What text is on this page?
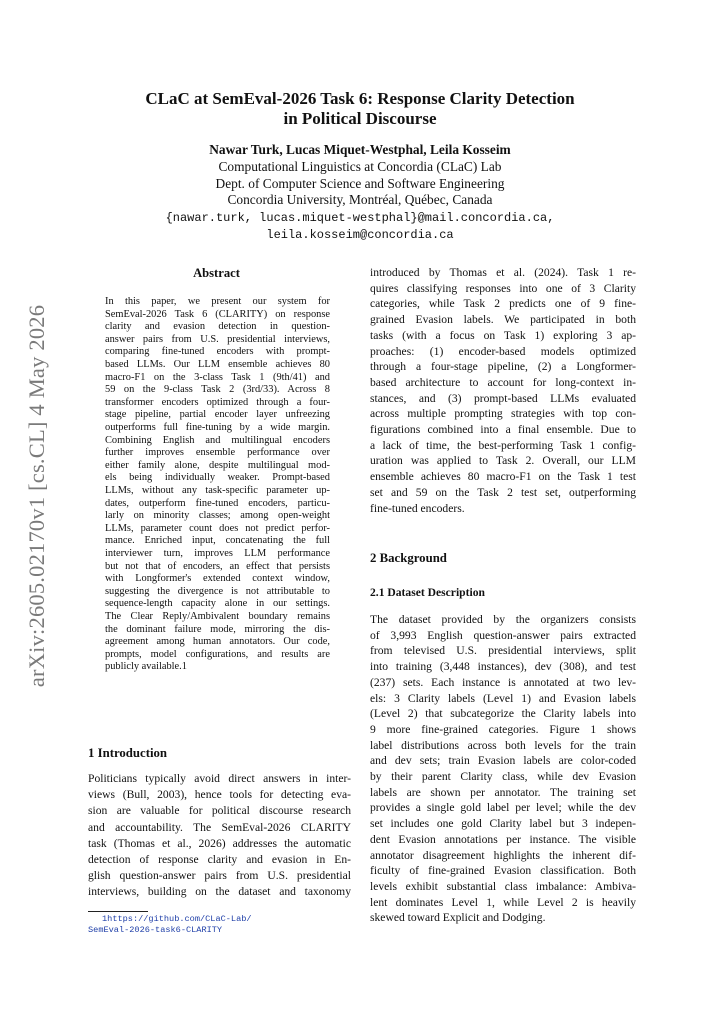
arXiv:2605.02170v1 [cs.CL] 4 May 2026
CLaC at SemEval-2026 Task 6: Response Clarity Detection
in Political Discourse
Nawar Turk, Lucas Miquet-Westphal, Leila Kosseim
Computational Linguistics at Concordia (CLaC) Lab
Dept. of Computer Science and Software Engineering
Concordia University, Montréal, Québec, Canada
{nawar.turk, lucas.miquet-westphal}@mail.concordia.ca,
leila.kosseim@concordia.ca
Abstract
In this paper, we present our system for
SemEval-2026 Task 6 (CLARITY) on response
clarity and evasion detection in question-
answer pairs from U.S. presidential interviews,
comparing fine-tuned encoders with prompt-
based LLMs. Our LLM ensemble achieves 80
macro-F1 on the 3-class Task 1 (9th/41) and
59 on the 9-class Task 2 (3rd/33). Across 8
transformer encoders optimized through a four-
stage pipeline, partial encoder layer unfreezing
outperforms full fine-tuning by a wide margin.
Combining English and multilingual encoders
further improves ensemble performance over
either family alone, despite multilingual mod-
els being individually weaker. Prompt-based
LLMs, without any task-specific parameter up-
dates, outperform fine-tuned encoders, particu-
larly on minority classes; among open-weight
LLMs, parameter count does not predict perfor-
mance. Enriched input, concatenating the full
interviewer turn, improves LLM performance
but not that of encoders, an effect that persists
with Longformer's extended context window,
suggesting the divergence is not attributable to
sequence-length capacity alone in our settings.
The Clear Reply/Ambivalent boundary remains
the dominant failure mode, mirroring the dis-
agreement among human annotators. Our code,
prompts, model configurations, and results are
publicly available.1
1 Introduction
Politicians typically avoid direct answers in inter-
views (Bull, 2003), hence tools for detecting eva-
sion are valuable for political discourse research
and accountability. The SemEval-2026 CLARITY
task (Thomas et al., 2026) addresses the automatic
detection of response clarity and evasion in En-
glish question-answer pairs from U.S. presidential
interviews, building on the dataset and taxonomy
1https://github.com/CLaC-Lab/
SemEval-2026-task6-CLARITY
introduced by Thomas et al. (2024). Task 1 re-
quires classifying responses into one of 3 Clarity
categories, while Task 2 predicts one of 9 fine-
grained Evasion labels. We participated in both
tasks (with a focus on Task 1) exploring 3 ap-
proaches: (1) encoder-based models optimized
through a four-stage pipeline, (2) a Longformer-
based architecture to account for long-context in-
stances, and (3) prompt-based LLMs evaluated
across multiple prompting strategies with top con-
figurations combined into a final ensemble. Due to
a lack of time, the best-performing Task 1 config-
uration was applied to Task 2. Overall, our LLM
ensemble achieves 80 macro-F1 on the Task 1 test
set and 59 on the Task 2 test set, outperforming
fine-tuned encoders.
2 Background
2.1 Dataset Description
The dataset provided by the organizers consists
of 3,993 English question-answer pairs extracted
from televised U.S. presidential interviews, split
into training (3,448 instances), dev (308), and test
(237) sets. Each instance is annotated at two lev-
els: 3 Clarity labels (Level 1) and Evasion labels
(Level 2) that subcategorize the Clarity labels into
9 more fine-grained categories. Figure 1 shows
label distributions across both levels for the train
and dev sets; train Evasion labels are color-coded
by their parent Clarity class, while dev Evasion
labels are shown per annotator. The training set
provides a single gold label per level; while the dev
set includes one gold Clarity label but 3 indepen-
dent Evasion annotations per instance. The visible
annotator disagreement highlights the inherent dif-
ficulty of fine-grained Evasion classification. Both
levels exhibit substantial class imbalance: Ambiva-
lent dominates Level 1, while Level 2 is heavily
skewed toward Explicit and Dodging.
